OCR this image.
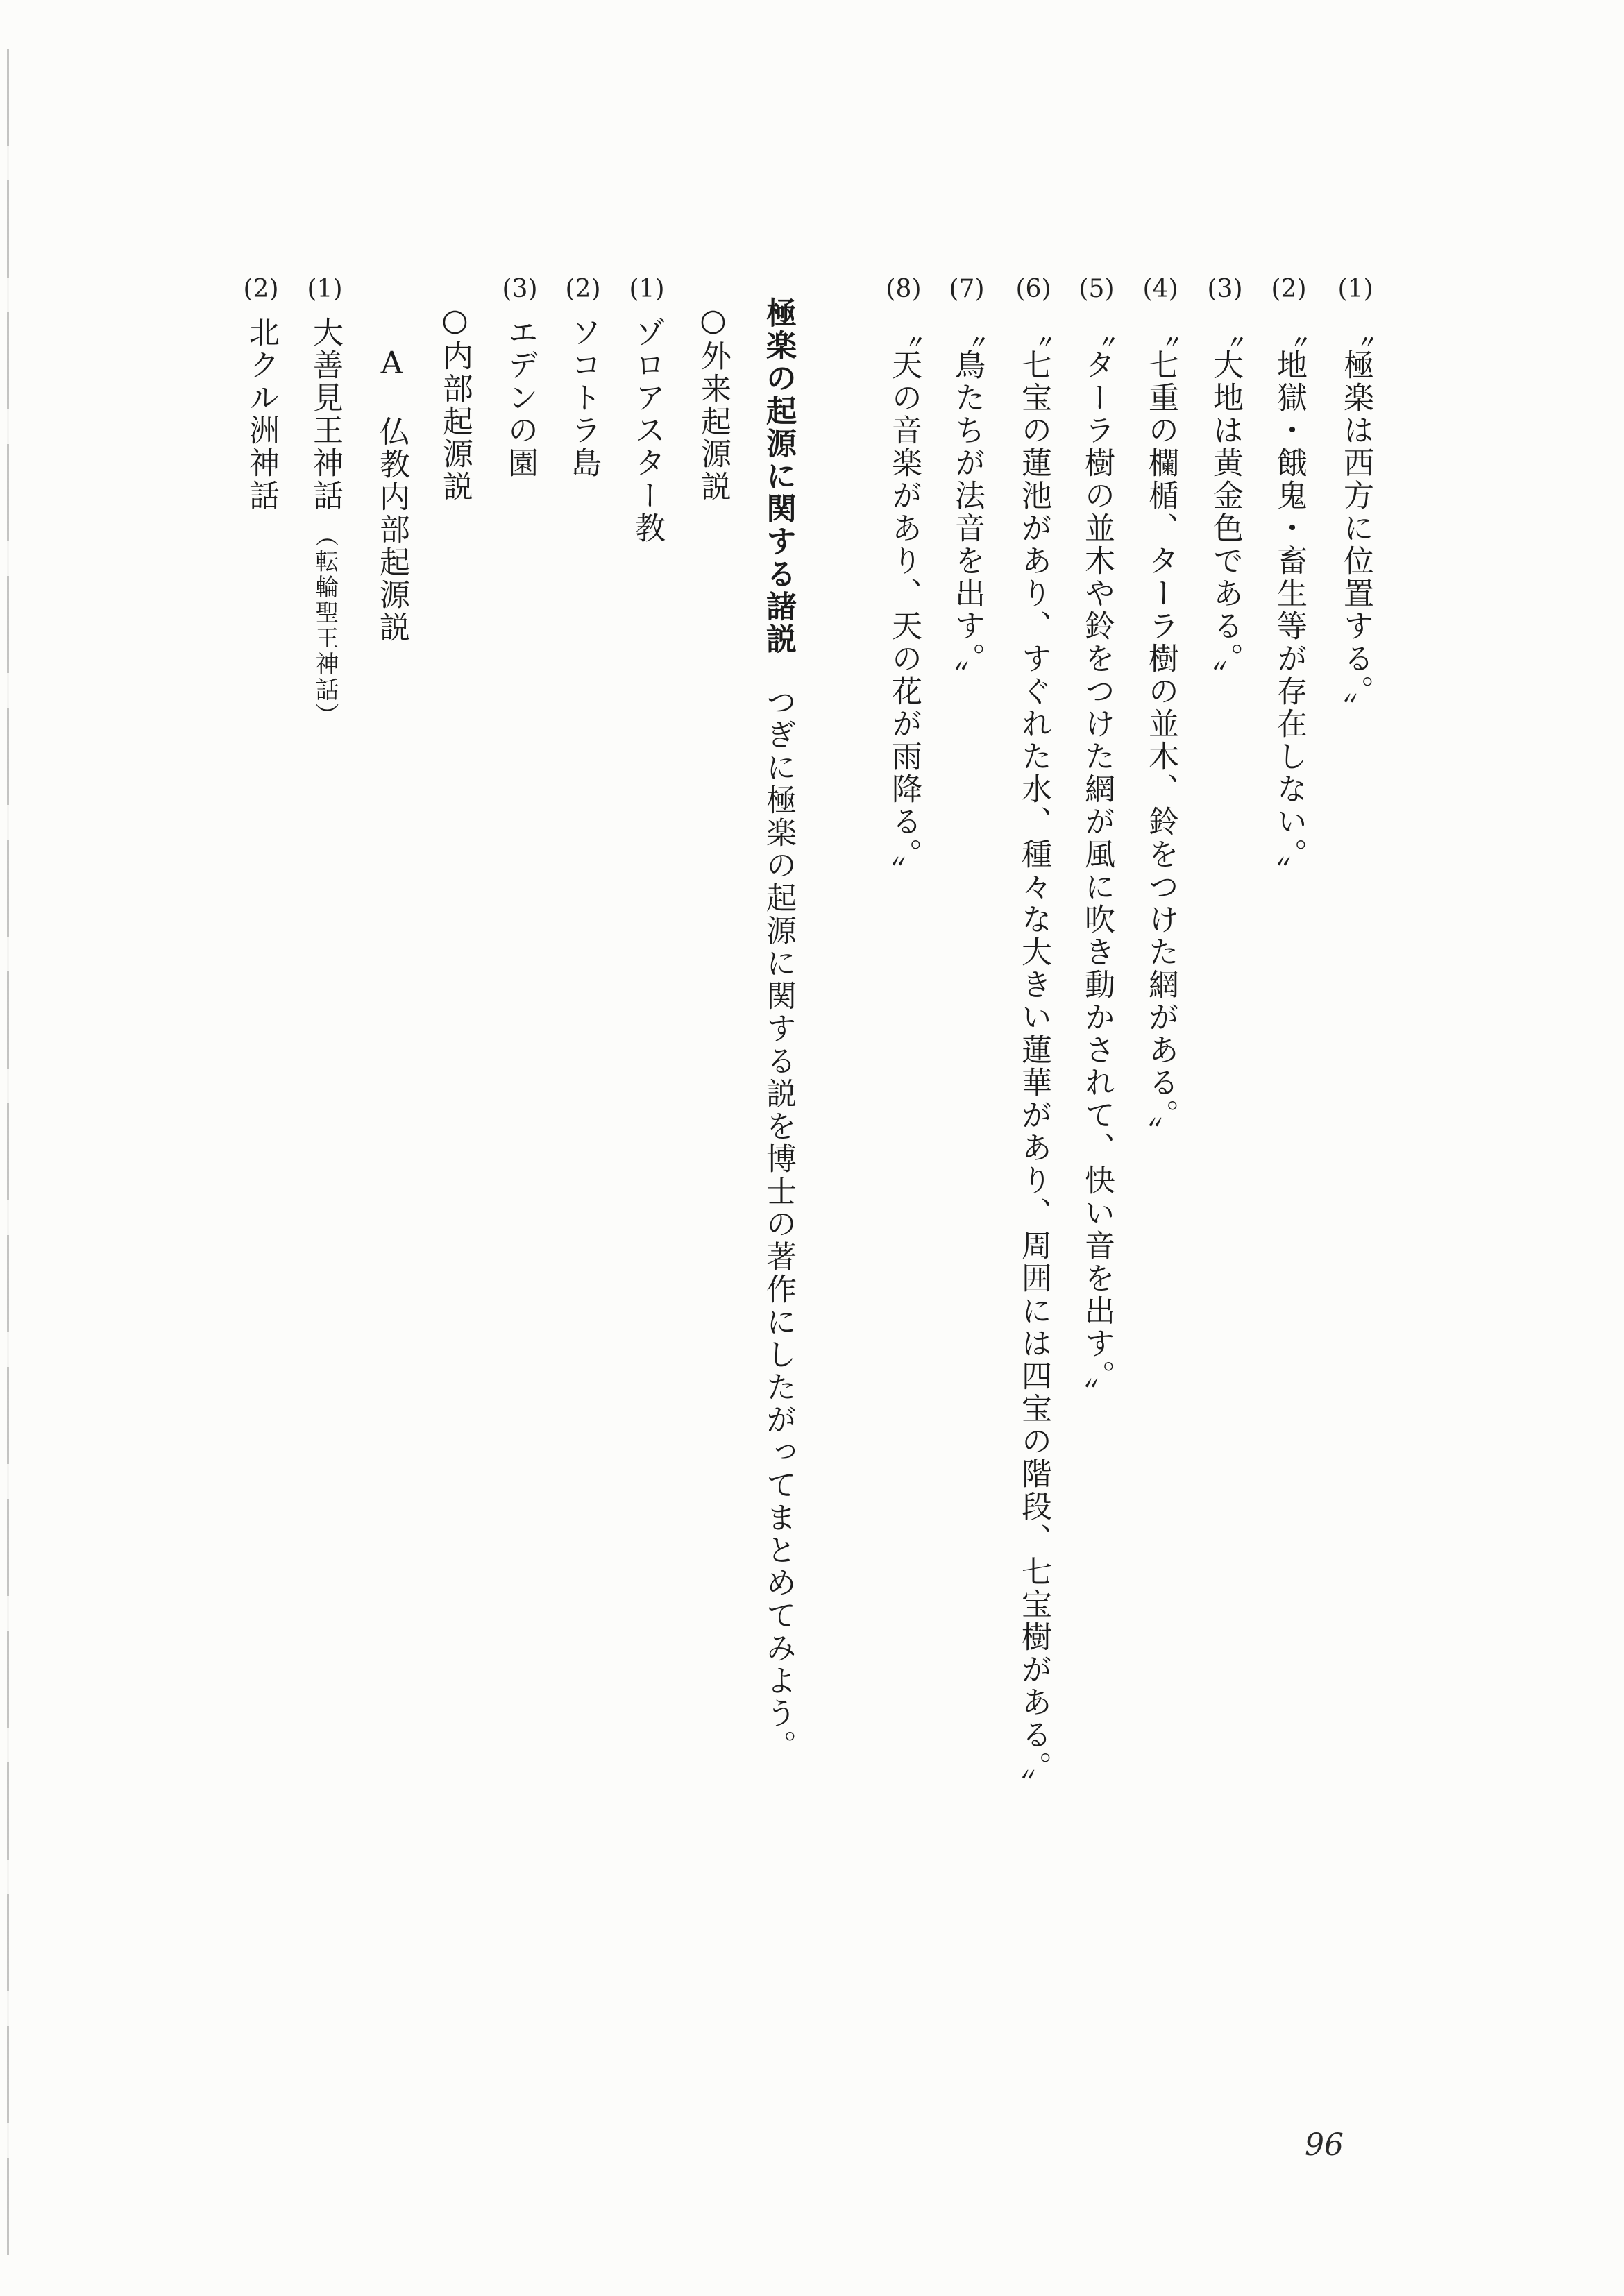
(1)
〝極楽は西方に位置する。〟
(2)
〝地獄・餓鬼・畜生等が存在しない。〟
(3)
〝大地は黄金色である。〟
(4)
〝七重の欄楯、ターラ樹の並木、鈴をつけた網がある。〟
(5)
〝ターラ樹の並木や鈴をつけた網が風に吹き動かされて、快い音を出す。〟
(6)
〝七宝の蓮池があり、すぐれた水、種々な大きい蓮華があり、周囲には四宝の階段、七宝樹がある。〟
(7)
〝鳥たちが法音を出す。〟
(8)
〝天の音楽があり、天の花が雨降る。〟
極楽の起源に関する諸説
つぎに極楽の起源に関する説を博士の著作にしたがってまとめてみよう。
○外来起源説
(1)
ゾロアスター教
(2)
ソコトラ島
(3)
エデンの園
○内部起源説
A　仏教内部起源説
(1)
大善見王神話
（転輪聖王神話）
(2)
北クル洲神話
96
